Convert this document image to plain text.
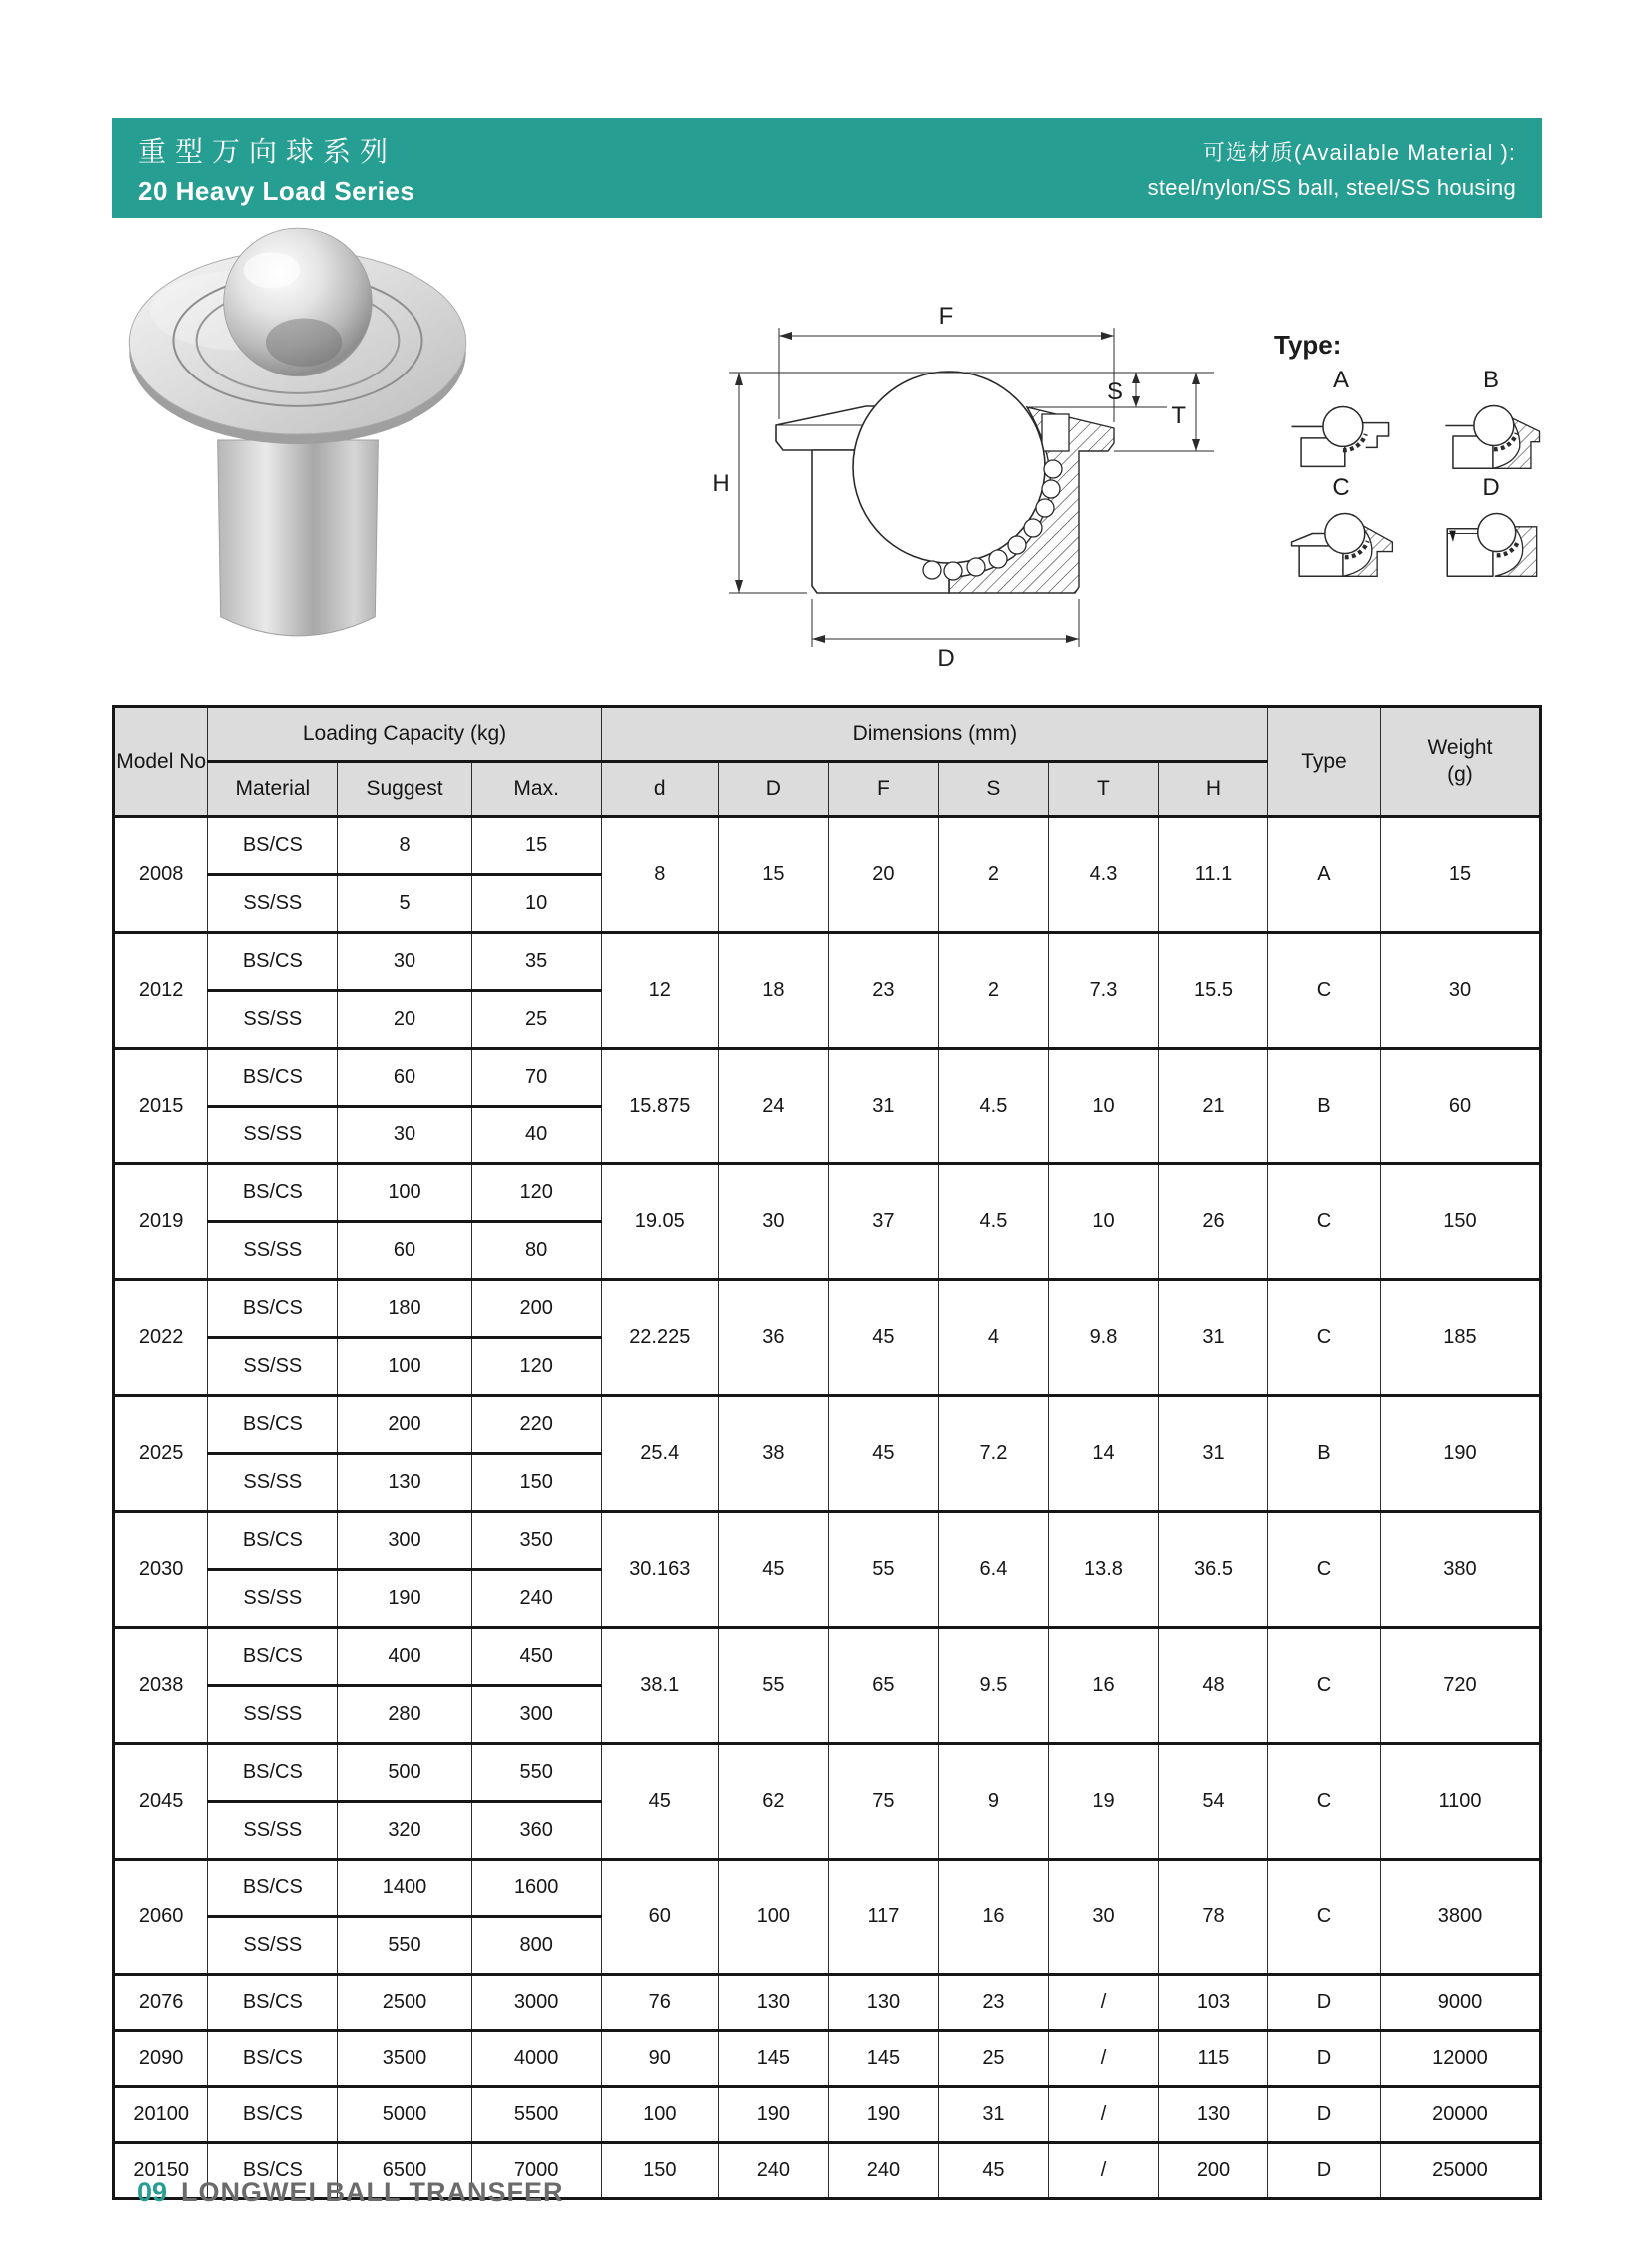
重型万向球系列
20 Heavy Load Series
可选材质(Available Material ):
steel/nylon/SS ball, steel/SS housing
F
H
D
S
T
Type:
A	B
C	D
Model No	Loading Capacity (kg)			Dimensions (mm)						Type	Weight
(g)

	Material	Suggest	Max.	d	D	F	S	T	H		
2008	BS/CS	8	15	8	15	20	2	4.3	11.1	A	15
	SS/SS	5	10								
2012	BS/CS	30	35	12	18	23	2	7.3	15.5	C	30
	SS/SS	20	25								
2015	BS/CS	60	70	15.875	24	31	4.5	10	21	B	60
	SS/SS	30	40								
2019	BS/CS	100	120	19.05	30	37	4.5	10	26	C	150
	SS/SS	60	80								
2022	BS/CS	180	200	22.225	36	45	4	9.8	31	C	185
	SS/SS	100	120								
2025	BS/CS	200	220	25.4	38	45	7.2	14	31	B	190
	SS/SS	130	150								
2030	BS/CS	300	350	30.163	45	55	6.4	13.8	36.5	C	380
	SS/SS	190	240								
2038	BS/CS	400	450	38.1	55	65	9.5	16	48	C	720
	SS/SS	280	300								
2045	BS/CS	500	550	45	62	75	9	19	54	C	1100
	SS/SS	320	360								
2060	BS/CS	1400	1600	60	100	117	16	30	78	C	3800
	SS/SS	550	800								
2076	BS/CS	2500	3000	76	130	130	23	/	103	D	9000
2090	BS/CS	3500	4000	90	145	145	25	/	115	D	12000
20100	BS/CS	5000	5500	100	190	190	31	/	130	D	20000
20150	BS/CS	6500	7000	150	240	240	45	/	200	D	25000
09 LONGWEI BALL TRANSFER
